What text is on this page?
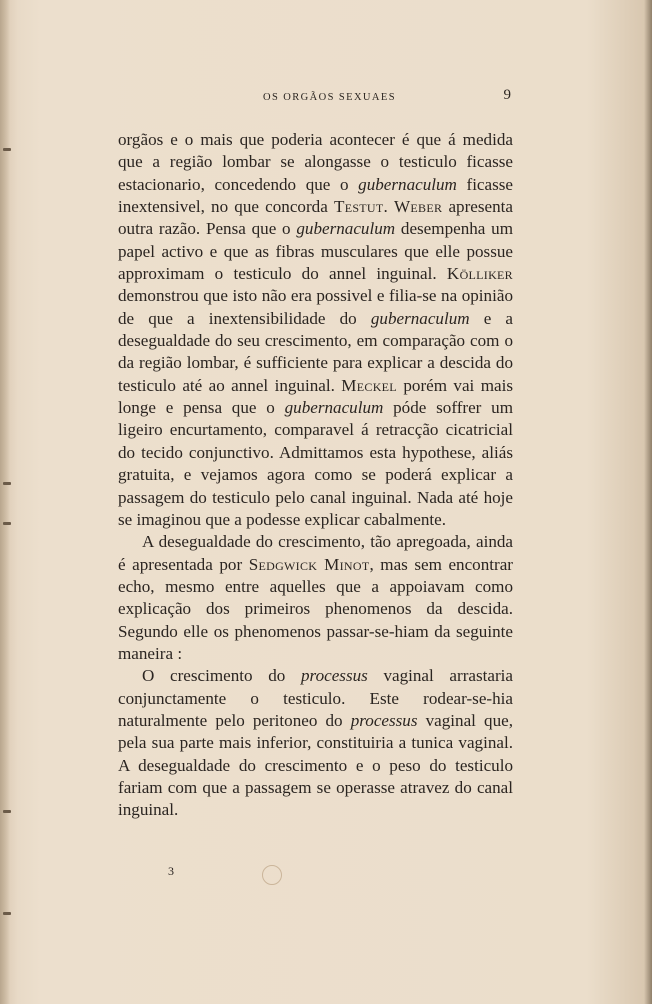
OS ORGÃOS SEXUAES	9

orgãos e o mais que poderia acontecer é que á medida que a região lombar se alongasse o testiculo ficasse estacionario, concedendo que o gubernaculum ficasse inextensivel, no que concorda Testut. Weber apresenta outra razão. Pensa que o gubernaculum desempenha um papel activo e que as fibras musculares que elle possue approximam o testiculo do annel inguinal. Kölliker demonstrou que isto não era possivel e filia-se na opinião de que a inextensibilidade do gubernaculum e a desegualdade do seu crescimento, em comparação com o da região lombar, é sufficiente para explicar a descida do testiculo até ao annel inguinal. Meckel porém vai mais longe e pensa que o gubernaculum póde soffrer um ligeiro encurtamento, comparavel á retracção cicatricial do tecido conjunctivo. Admittamos esta hypothese, aliás gratuita, e vejamos agora como se poderá explicar a passagem do testiculo pelo canal inguinal. Nada até hoje se imaginou que a podesse explicar cabalmente.

A desegualdade do crescimento, tão apregoada, ainda é apresentada por Sedgwick Minot, mas sem encontrar echo, mesmo entre aquelles que a appoiavam como explicação dos primeiros phenomenos da descida. Segundo elle os phenomenos passar-se-hiam da seguinte maneira :

O crescimento do processus vaginal arrastaria conjunctamente o testiculo. Este rodear-se-hia naturalmente pelo peritoneo do processus vaginal que, pela sua parte mais inferior, constituiria a tunica vaginal. A desegualdade do crescimento e o peso do testiculo fariam com que a passagem se operasse atravez do canal inguinal.

3
